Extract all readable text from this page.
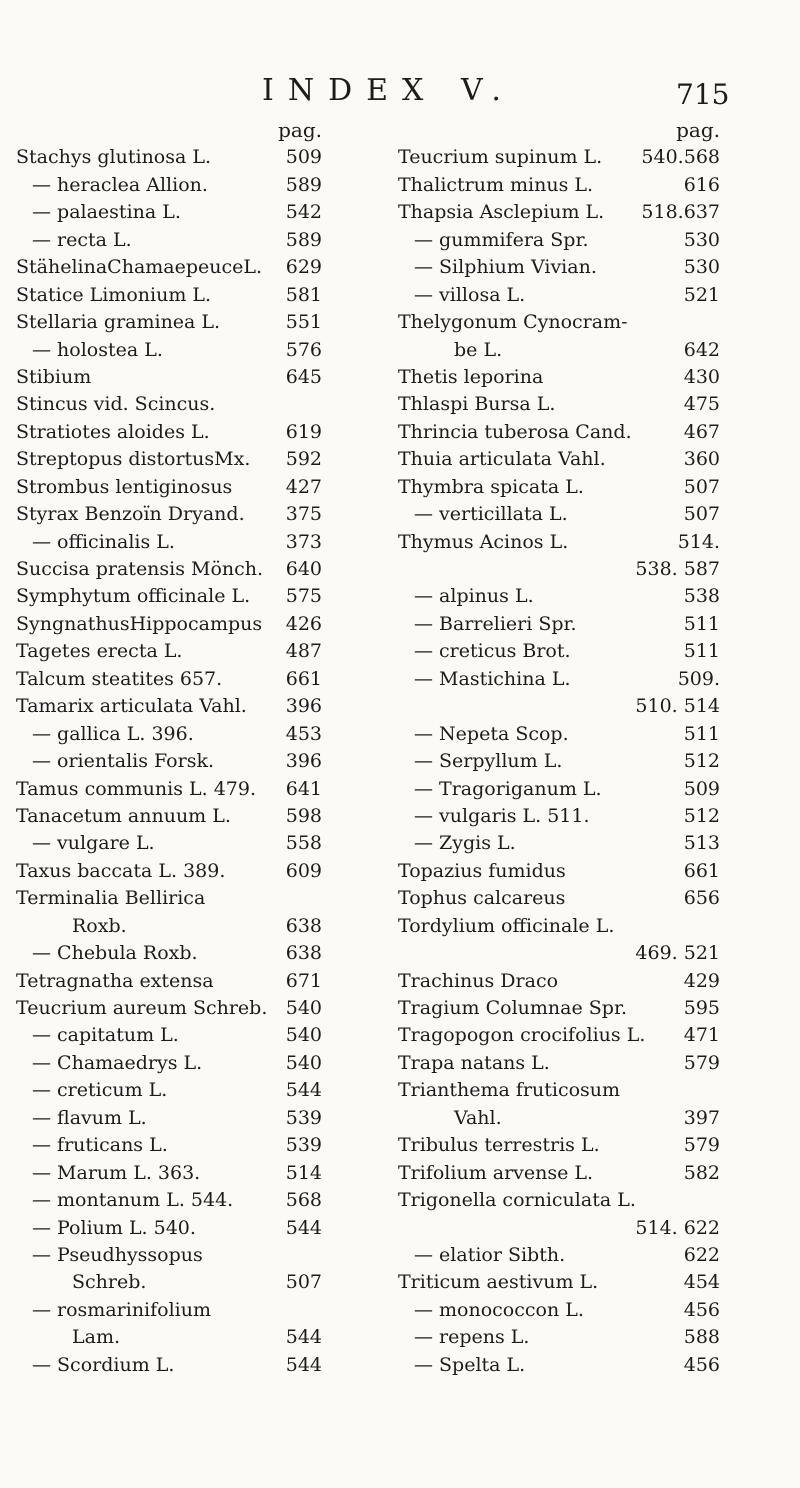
INDEX V.	715
pag.
Stachys glutinosa L.	509
— heraclea Allion.	589
— palaestina L.	542
— recta L.	589
StähelinaChamaepeuceL. 629
Statice Limonium L.	581
Stellaria graminea L.	551
— holostea L.	576
Stibium	645
Stincus vid. Scincus.
Stratiotes aloides L.	619
Streptopus distortusMx. 592
Strombus lentiginosus	427
Styrax Benzoïn Dryand. 375
— officinalis L.	373
Succisa pratensis Mönch. 640
Symphytum officinale L. 575
SyngnathusHippocampus 426
Tagetes erecta L.	487
Talcum steatites 657.	661
Tamarix articulata Vahl. 396
— gallica L. 396.	453
— orientalis Forsk.	396
Tamus communis L. 479. 641
Tanacetum annuum L.	598
— vulgare L.	558
Taxus baccata L. 389.	609
Terminalia Bellirica
Roxb.	638
— Chebula Roxb.	638
Tetragnatha extensa	671
Teucrium aureum Schreb. 540
— capitatum L.	540
— Chamaedrys L.	540
— creticum L.	544
— flavum L.	539
— fruticans L.	539
— Marum L. 363.	514
— montanum L. 544.	568
— Polium L. 540.	544
— Pseudhyssopus
Schreb.	507
— rosmarinifolium
Lam.	544
— Scordium L.	544
pag.
Teucrium supinum L. 540.568
Thalictrum minus L.	616
Thapsia Asclepium L. 518.637
— gummifera Spr.	530
— Silphium Vivian.	530
— villosa L.	521
Thelygonum Cynocram-
be L.	642
Thetis leporina	430
Thlaspi Bursa L.	475
Thrincia tuberosa Cand.	467
Thuia articulata Vahl.	360
Thymbra spicata L.	507
— verticillata L.	507
Thymus Acinos L.	514.
538. 587
— alpinus L.	538
— Barrelieri Spr.	511
— creticus Brot.	511
— Mastichina L.	509.
510. 514
— Nepeta Scop.	511
— Serpyllum L.	512
— Tragoriganum L.	509
— vulgaris L. 511.	512
— Zygis L.	513
Topazius fumidus	661
Tophus calcareus	656
Tordylium officinale L.
469. 521
Trachinus Draco	429
Tragium Columnae Spr.	595
Tragopogon crocifolius L. 471
Trapa natans L.	579
Trianthema fruticosum
Vahl.	397
Tribulus terrestris L.	579
Trifolium arvense L.	582
Trigonella corniculata L.
514. 622
— elatior Sibth.	622
Triticum aestivum L.	454
— monococcon L.	456
— repens L.	588
— Spelta L.	456
